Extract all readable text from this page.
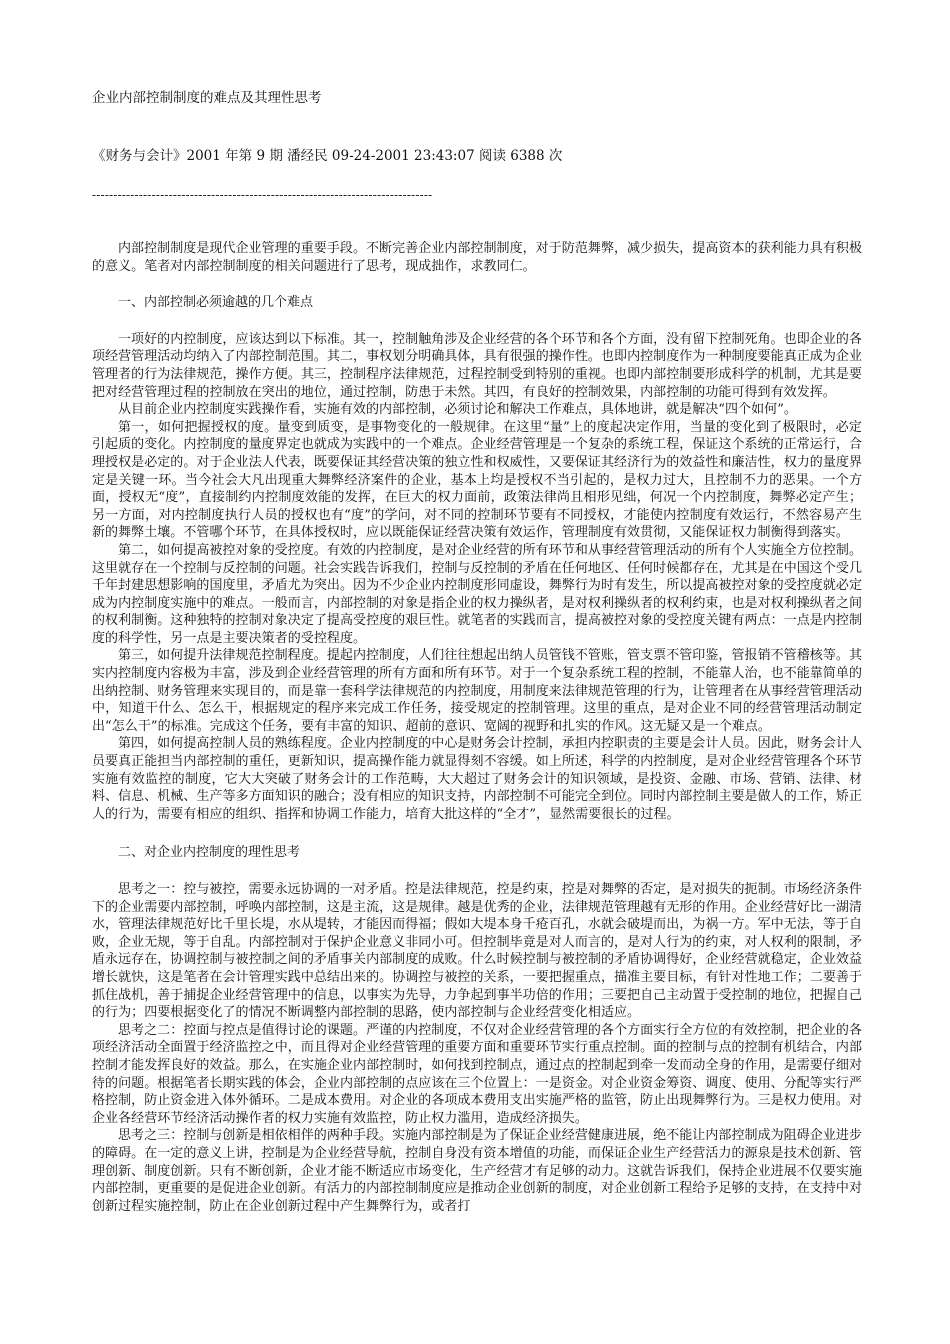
企业内部控制制度的难点及其理性思考
《财务与会计》2001 年第 9 期 潘经民 09-24-2001 23:43:07 阅读 6388 次
--------------------------------------------------------------------------------

内部控制制度是现代企业管理的重要手段。不断完善企业内部控制制度，对于防范舞弊，减少损失，提高资本的获利能力具有积极的意义。笔者对内部控制制度的相关问题进行了思考，现成拙作，求教同仁。

一、内部控制必须逾越的几个难点

一项好的内控制度，应该达到以下标准。其一，控制触角涉及企业经营的各个环节和各个方面，没有留下控制死角。也即企业的各项经营管理活动均纳入了内部控制范围。其二，事权划分明确具体，具有很强的操作性。也即内控制度作为一种制度要能真正成为企业管理者的行为法律规范，操作方便。其三，控制程序法律规范，过程控制受到特别的重视。也即内部控制要形成科学的机制，尤其是要把对经营管理过程的控制放在突出的地位，通过控制，防患于未然。其四，有良好的控制效果，内部控制的功能可得到有效发挥。

从目前企业内控制度实践操作看，实施有效的内部控制，必须讨论和解决工作难点，具体地讲，就是解决“四个如何”。

第一，如何把握授权的度。量变到质变，是事物变化的一般规律。在这里“量”上的度起决定作用，当量的变化到了极限时，必定引起质的变化。内控制度的量度界定也就成为实践中的一个难点。企业经营管理是一个复杂的系统工程，保证这个系统的正常运行，合理授权是必定的。对于企业法人代表，既要保证其经营决策的独立性和权威性，又要保证其经济行为的效益性和廉洁性，权力的量度界定是关键一环。当今社会大凡出现重大舞弊经济案件的企业，基本上均是授权不当引起的，是权力过大，且控制不力的恶果。一个方面，授权无“度”，直接制约内控制度效能的发挥，在巨大的权力面前，政策法律尚且相形见绌，何况一个内控制度，舞弊必定产生；另一方面，对内控制度执行人员的授权也有“度”的学问，对不同的控制环节要有不同授权，才能使内控制度有效运行，不然容易产生新的舞弊土壤。不管哪个环节，在具体授权时，应以既能保证经营决策有效运作，管理制度有效贯彻，又能保证权力制衡得到落实。

第二，如何提高被控对象的受控度。有效的内控制度，是对企业经营的所有环节和从事经营管理活动的所有个人实施全方位控制。这里就存在一个控制与反控制的问题。社会实践告诉我们，控制与反控制的矛盾在任何地区、任何时候都存在，尤其是在中国这个受几千年封建思想影响的国度里，矛盾尤为突出。因为不少企业内控制度形同虚设，舞弊行为时有发生，所以提高被控对象的受控度就必定成为内控制度实施中的难点。一般而言，内部控制的对象是指企业的权力操纵者，是对权利操纵者的权利约束，也是对权利操纵者之间的权利制衡。这种独特的控制对象决定了提高受控度的艰巨性。就笔者的实践而言，提高被控对象的受控度关键有两点：一点是内控制度的科学性，另一点是主要决策者的受控程度。

第三，如何提升法律规范控制程度。提起内控制度，人们往往想起出纳人员管钱不管账，管支票不管印鉴，管报销不管稽核等。其实内控制度内容极为丰富，涉及到企业经营管理的所有方面和所有环节。对于一个复杂系统工程的控制，不能靠人治，也不能靠简单的出纳控制、财务管理来实现目的，而是靠一套科学法律规范的内控制度，用制度来法律规范管理的行为，让管理者在从事经营管理活动中，知道干什么、怎么干，根据规定的程序来完成工作任务，接受规定的控制管理。这里的重点，是对企业不同的经营管理活动制定出“怎么干”的标准。完成这个任务，要有丰富的知识、超前的意识、宽阔的视野和扎实的作风。这无疑又是一个难点。

第四，如何提高控制人员的熟练程度。企业内控制度的中心是财务会计控制，承担内控职责的主要是会计人员。因此，财务会计人员要真正能担当内部控制的重任，更新知识，提高操作能力就显得刻不容缓。如上所述，科学的内控制度，是对企业经营管理各个环节实施有效监控的制度，它大大突破了财务会计的工作范畴，大大超过了财务会计的知识领域，是投资、金融、市场、营销、法律、材料、信息、机械、生产等多方面知识的融合；没有相应的知识支持，内部控制不可能完全到位。同时内部控制主要是做人的工作，矫正人的行为，需要有相应的组织、指挥和协调工作能力，培育大批这样的“全才”，显然需要很长的过程。

二、对企业内控制度的理性思考

思考之一：控与被控，需要永远协调的一对矛盾。控是法律规范，控是约束，控是对舞弊的否定，是对损失的扼制。市场经济条件下的企业需要内部控制，呼唤内部控制，这是主流，这是规律。越是优秀的企业，法律规范管理越有无形的作用。企业经营好比一湖清水，管理法律规范好比千里长堤，水从堤转，才能因而得福；假如大堤本身千疮百孔，水就会破堤而出，为祸一方。军中无法，等于自败，企业无规，等于自乱。内部控制对于保护企业意义非同小可。但控制毕竟是对人而言的，是对人行为的约束，对人权利的限制，矛盾永远存在，协调控制与被控制之间的矛盾事关内部制度的成败。什么时候控制与被控制的矛盾协调得好，企业经营就稳定，企业效益增长就快，这是笔者在会计管理实践中总结出来的。协调控与被控的关系，一要把握重点，描准主要目标，有针对性地工作；二要善于抓住战机，善于捕捉企业经营管理中的信息，以事实为先导，力争起到事半功倍的作用；三要把自己主动置于受控制的地位，把握自己的行为；四要根据变化了的情况不断调整内部控制的思路，使内部控制与企业经营变化相适应。

思考之二：控面与控点是值得讨论的课题。严谨的内控制度，不仅对企业经营管理的各个方面实行全方位的有效控制，把企业的各项经济活动全面置于经济监控之中，而且得对企业经营管理的重要方面和重要环节实行重点控制。面的控制与点的控制有机结合，内部控制才能发挥良好的效益。那么，在实施企业内部控制时，如何找到控制点，通过点的控制起到牵一发而动全身的作用，是需要仔细对待的问题。根据笔者长期实践的体会，企业内部控制的点应该在三个位置上：一是资金。对企业资金筹资、调度、使用、分配等实行严格控制，防止资金进入体外循环。二是成本费用。对企业的各项成本费用支出实施严格的监管，防止出现舞弊行为。三是权力使用。对企业各经营环节经济活动操作者的权力实施有效监控，防止权力滥用，造成经济损失。

思考之三：控制与创新是相依相伴的两种手段。实施内部控制是为了保证企业经营健康进展，绝不能让内部控制成为阻碍企业进步的障碍。在一定的意义上讲，控制是为企业经营导航，控制自身没有资本增值的功能，而保证企业生产经营活力的源泉是技术创新、管理创新、制度创新。只有不断创新，企业才能不断适应市场变化，生产经营才有足够的动力。这就告诉我们，保持企业进展不仅要实施内部控制，更重要的是促进企业创新。有活力的内部控制制度应是推动企业创新的制度，对企业创新工程给予足够的支持，在支持中对创新过程实施控制，防止在企业创新过程中产生舞弊行为，或者打
